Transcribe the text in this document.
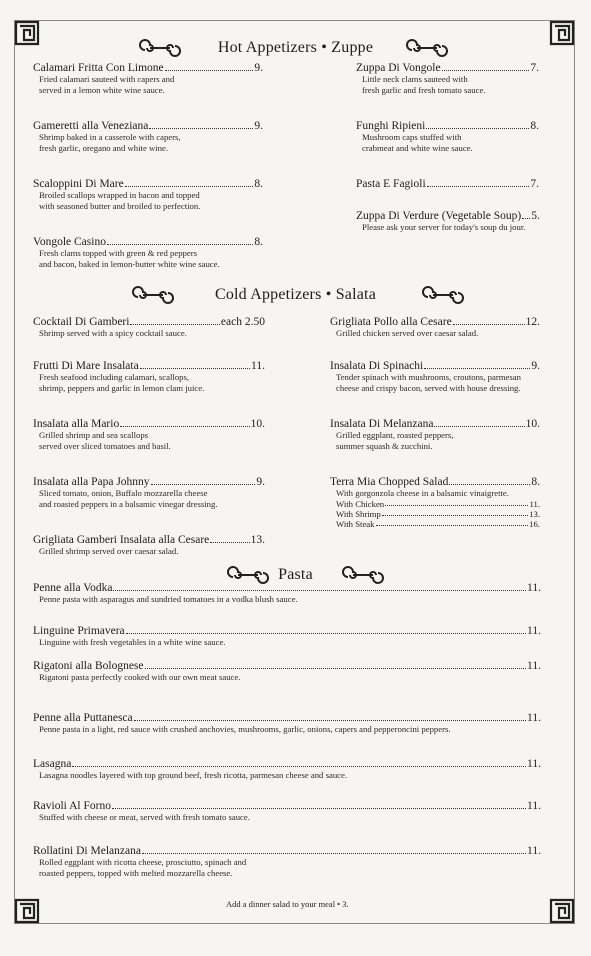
Hot Appetizers • Zuppe
Cold Appetizers • Salata
Pasta
Calamari Fritta Con Limone	9.
Fried calamari sauteed with capers and
served in a lemon white wine sauce.
Gameretti alla Veneziana	9.
Shrimp baked in a casserole with capers,
fresh garlic, oregano and white wine.
Scaloppini Di Mare	8.
Broiled scallops wrapped in bacon and topped
with seasoned butter and broiled to perfection.
Vongole Casino	8.
Fresh clams topped with green & red peppers
and bacon, baked in lemon-butter white wine sauce.
Zuppa Di Vongole	7.
Little neck clams sauteed with
fresh garlic and fresh tomato sauce.
Funghi Ripieni	8.
Mushroom caps stuffed with
crabmeat and white wine sauce.
Pasta E Fagioli	7.
Zuppa Di Verdure (Vegetable Soup) 5.
Please ask your server for today's soup du jour.
Cocktail Di Gamberi	each 2.50
Shrimp served with a spicy cocktail sauce.
Frutti Di Mare Insalata	11.
Fresh seafood including calamari, scallops,
shrimp, peppers and garlic in lemon clam juice.
Insalata alla Mario	10.
Grilled shrimp and sea scallops
served over sliced tomatoes and basil.
Insalata alla Papa Johnny	9.
Sliced tomato, onion, Buffalo mozzarella cheese
and roasted peppers in a balsamic vinegar dressing.
Grigliata Gamberi Insalata alla Cesare	13.
Grilled shrimp served over caesar salad.
Grigliata Pollo alla Cesare	12.
Grilled chicken served over caesar salad.
Insalata Di Spinachi	9.
Tender spinach with mushrooms, croutons, parmesan
cheese and crispy bacon, served with house dressing.
Insalata Di Melanzana	10.
Grilled eggplant, roasted peppers,
summer squash & zucchini.
Terra Mia Chopped Salad	8.
With gorgonzola cheese in a balsamic vinaigrette.
With Chicken	11.
With Shrimp	13.
With Steak	16.
Penne alla Vodka	11.
Penne pasta with asparagus and sundried tomatoes in a vodka blush sauce.
Linguine Primavera	11.
Linguine with fresh vegetables in a white wine sauce.
Rigatoni alla Bolognese	11.
Rigatoni pasta perfectly cooked with our own meat sauce.
Penne alla Puttanesca	11.
Penne pasta in a light, red sauce with crushed anchovies, mushrooms, garlic, onions, capers and pepperoncini peppers.
Lasagna	11.
Lasagna noodles layered with top ground beef, fresh ricotta, parmesan cheese and sauce.
Ravioli Al Forno	11.
Stuffed with cheese or meat, served with fresh tomato sauce.
Rollatini Di Melanzana	11.
Rolled eggplant with ricotta cheese, prosciutto, spinach and
roasted peppers, topped with melted mozzarella cheese.
Add a dinner salad to your meal • 3.
